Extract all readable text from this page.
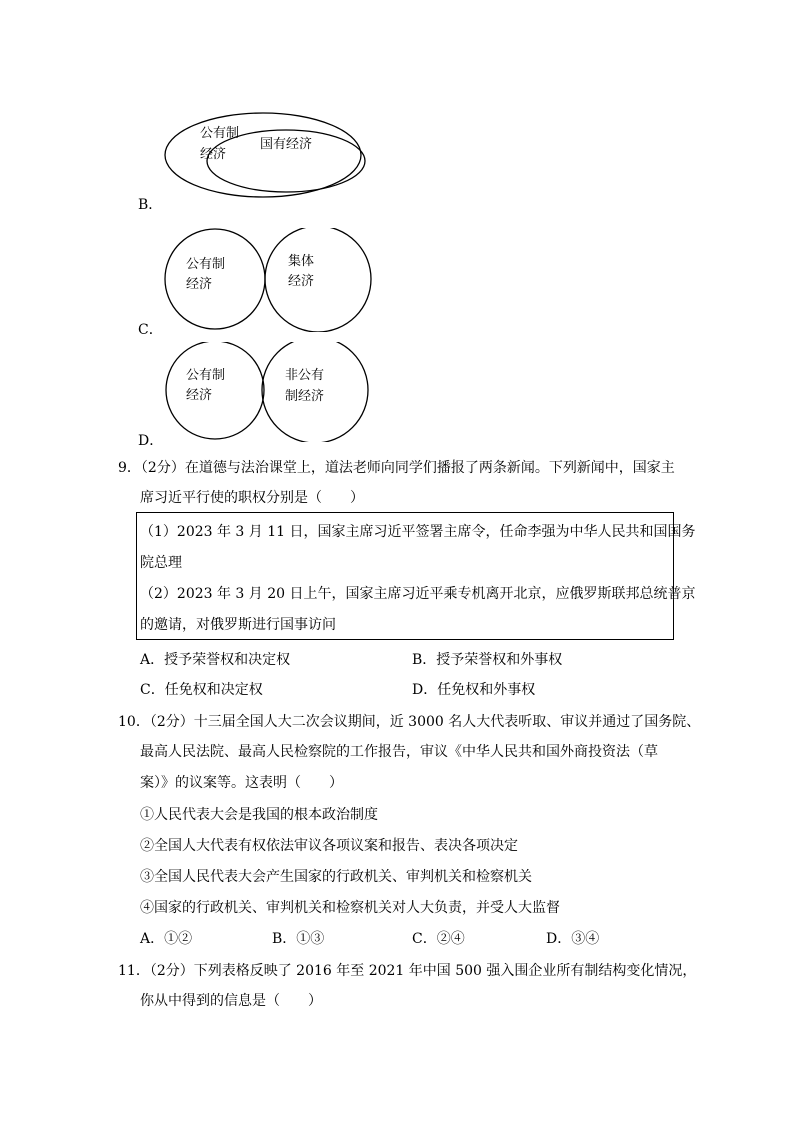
公有制
经济
国有经济
B．
公有制
经济
集体
经济
C．
公有制
经济
非公有
制经济
D．
9．（2分）在道德与法治课堂上，道法老师向同学们播报了两条新闻。下列新闻中，国家主
席习近平行使的职权分别是（　　）
（1）2023 年 3 月 11 日，国家主席习近平签署主席令，任命李强为中华人民共和国国务
院总理
（2）2023 年 3 月 20 日上午，国家主席习近平乘专机离开北京，应俄罗斯联邦总统普京
的邀请，对俄罗斯进行国事访问
A．授予荣誉权和决定权	B．授予荣誉权和外事权
C．任免权和决定权	D．任免权和外事权
10．（2分）十三届全国人大二次会议期间，近 3000 名人大代表听取、审议并通过了国务院、
最高人民法院、最高人民检察院的工作报告，审议《中华人民共和国外商投资法（草
案）》的议案等。这表明（　　）
①人民代表大会是我国的根本政治制度
②全国人大代表有权依法审议各项议案和报告、表决各项决定
③全国人民代表大会产生国家的行政机关、审判机关和检察机关
④国家的行政机关、审判机关和检察机关对人大负责，并受人大监督
A．①②	B．①③	C．②④	D．③④
11．（2分）下列表格反映了 2016 年至 2021 年中国 500 强入围企业所有制结构变化情况，
你从中得到的信息是（　　）
